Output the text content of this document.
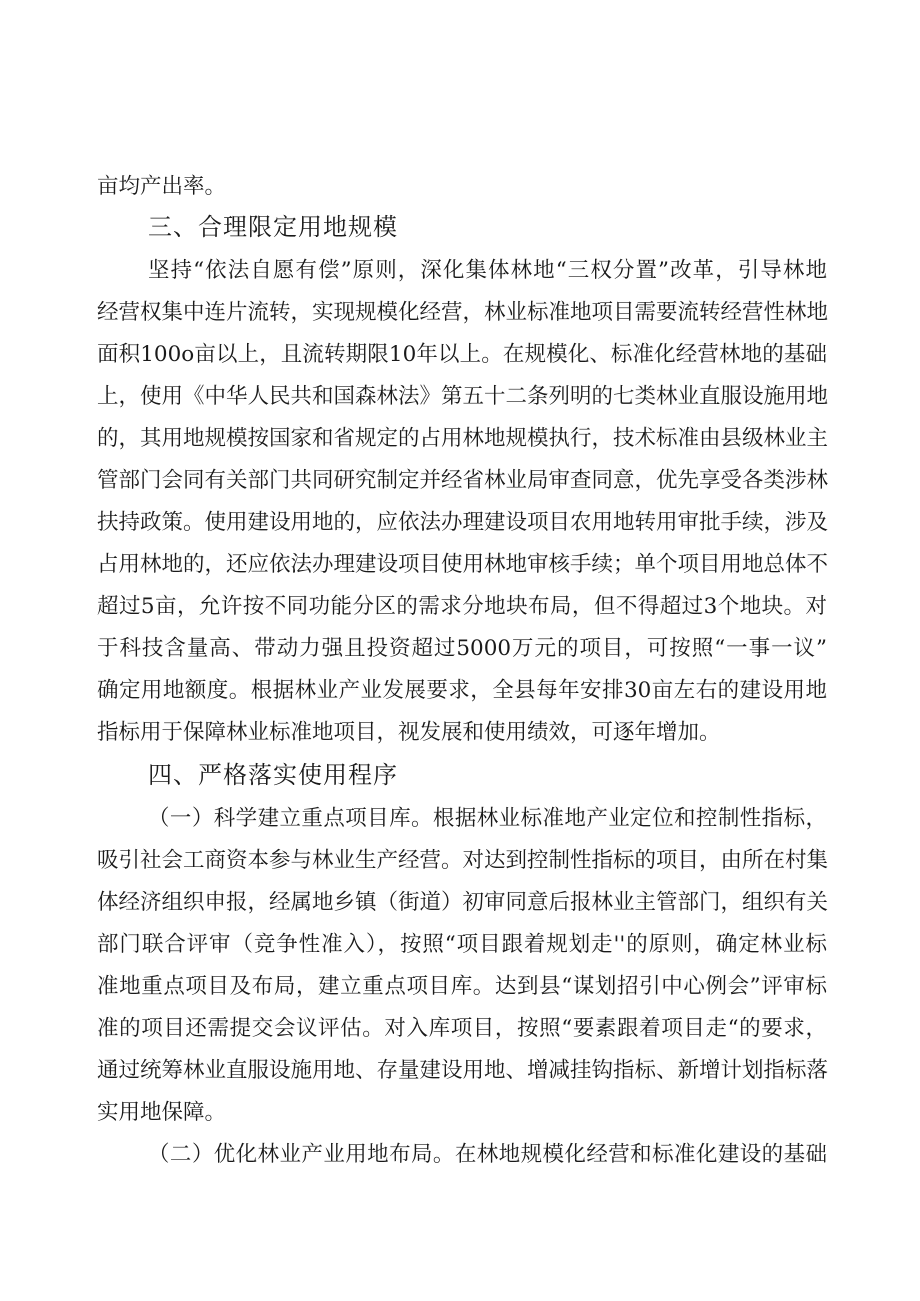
亩均产出率。
三、合理限定用地规模
坚持“依法自愿有偿”原则，深化集体林地“三权分置”改革，引导林地
经营权集中连片流转，实现规模化经营，林业标准地项目需要流转经营性林地
面积100o亩以上，且流转期限10年以上。在规模化、标准化经营林地的基础
上，使用《中华人民共和国森林法》第五十二条列明的七类林业直服设施用地
的，其用地规模按国家和省规定的占用林地规模执行，技术标准由县级林业主
管部门会同有关部门共同研究制定并经省林业局审查同意，优先享受各类涉林
扶持政策。使用建设用地的，应依法办理建设项目农用地转用审批手续，涉及
占用林地的，还应依法办理建设项目使用林地审核手续；单个项目用地总体不
超过5亩，允许按不同功能分区的需求分地块布局，但不得超过3个地块。对
于科技含量高、带动力强且投资超过5000万元的项目，可按照“一事一议”
确定用地额度。根据林业产业发展要求，全县每年安排30亩左右的建设用地
指标用于保障林业标准地项目，视发展和使用绩效，可逐年增加。
四、严格落实使用程序
（一）科学建立重点项目库。根据林业标准地产业定位和控制性指标，
吸引社会工商资本参与林业生产经营。对达到控制性指标的项目，由所在村集
体经济组织申报，经属地乡镇（街道）初审同意后报林业主管部门，组织有关
部门联合评审（竞争性准入），按照“项目跟着规划走''的原则，确定林业标
准地重点项目及布局，建立重点项目库。达到县“谋划招引中心例会”评审标
准的项目还需提交会议评估。对入库项目，按照“要素跟着项目走“的要求，
通过统筹林业直服设施用地、存量建设用地、增减挂钩指标、新增计划指标落
实用地保障。
（二）优化林业产业用地布局。在林地规模化经营和标准化建设的基础
